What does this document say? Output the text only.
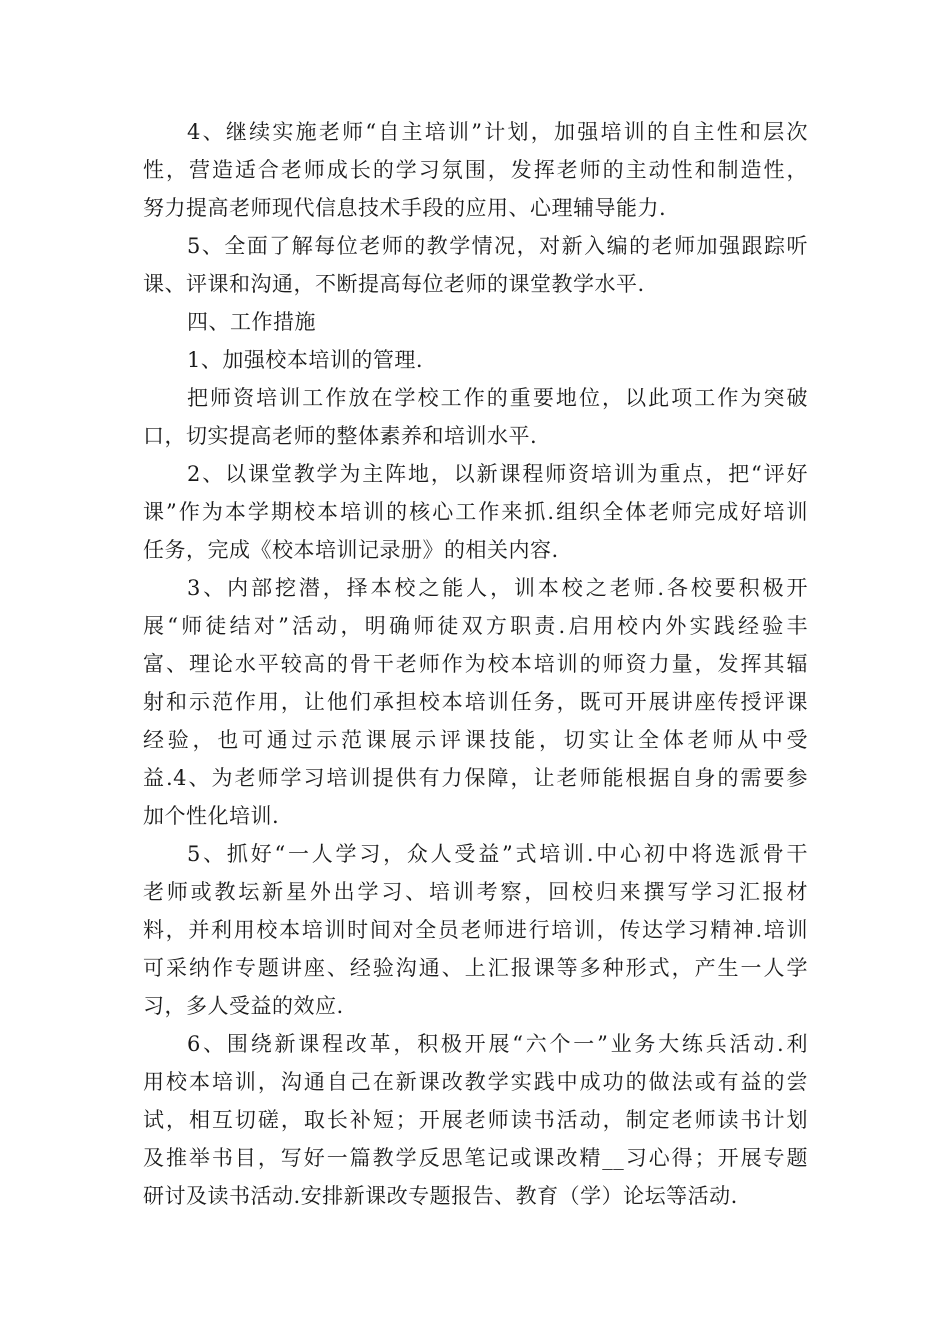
4、继续实施老师“自主培训”计划，加强培训的自主性和层次
性，营造适合老师成长的学习氛围，发挥老师的主动性和制造性，
努力提高老师现代信息技术手段的应用、心理辅导能力.
5、全面了解每位老师的教学情况，对新入编的老师加强跟踪听
课、评课和沟通，不断提高每位老师的课堂教学水平.
四、工作措施
1、加强校本培训的管理.
把师资培训工作放在学校工作的重要地位，以此项工作为突破
口，切实提高老师的整体素养和培训水平.
2、以课堂教学为主阵地，以新课程师资培训为重点，把“评好
课”作为本学期校本培训的核心工作来抓.组织全体老师完成好培训
任务，完成《校本培训记录册》的相关内容.
3、内部挖潜，择本校之能人，训本校之老师.各校要积极开
展“师徒结对”活动，明确师徒双方职责.启用校内外实践经验丰
富、理论水平较高的骨干老师作为校本培训的师资力量，发挥其辐
射和示范作用，让他们承担校本培训任务，既可开展讲座传授评课
经验，也可通过示范课展示评课技能，切实让全体老师从中受
益.4、为老师学习培训提供有力保障，让老师能根据自身的需要参
加个性化培训.
5、抓好“一人学习，众人受益”式培训.中心初中将选派骨干
老师或教坛新星外出学习、培训考察，回校归来撰写学习汇报材
料，并利用校本培训时间对全员老师进行培训，传达学习精神.培训
可采纳作专题讲座、经验沟通、上汇报课等多种形式，产生一人学
习，多人受益的效应.
6、围绕新课程改革，积极开展“六个一”业务大练兵活动.利
用校本培训，沟通自己在新课改教学实践中成功的做法或有益的尝
试，相互切磋，取长补短；开展老师读书活动，制定老师读书计划
及推举书目，写好一篇教学反思笔记或课改精__习心得；开展专题
研讨及读书活动.安排新课改专题报告、教育（学）论坛等活动.
